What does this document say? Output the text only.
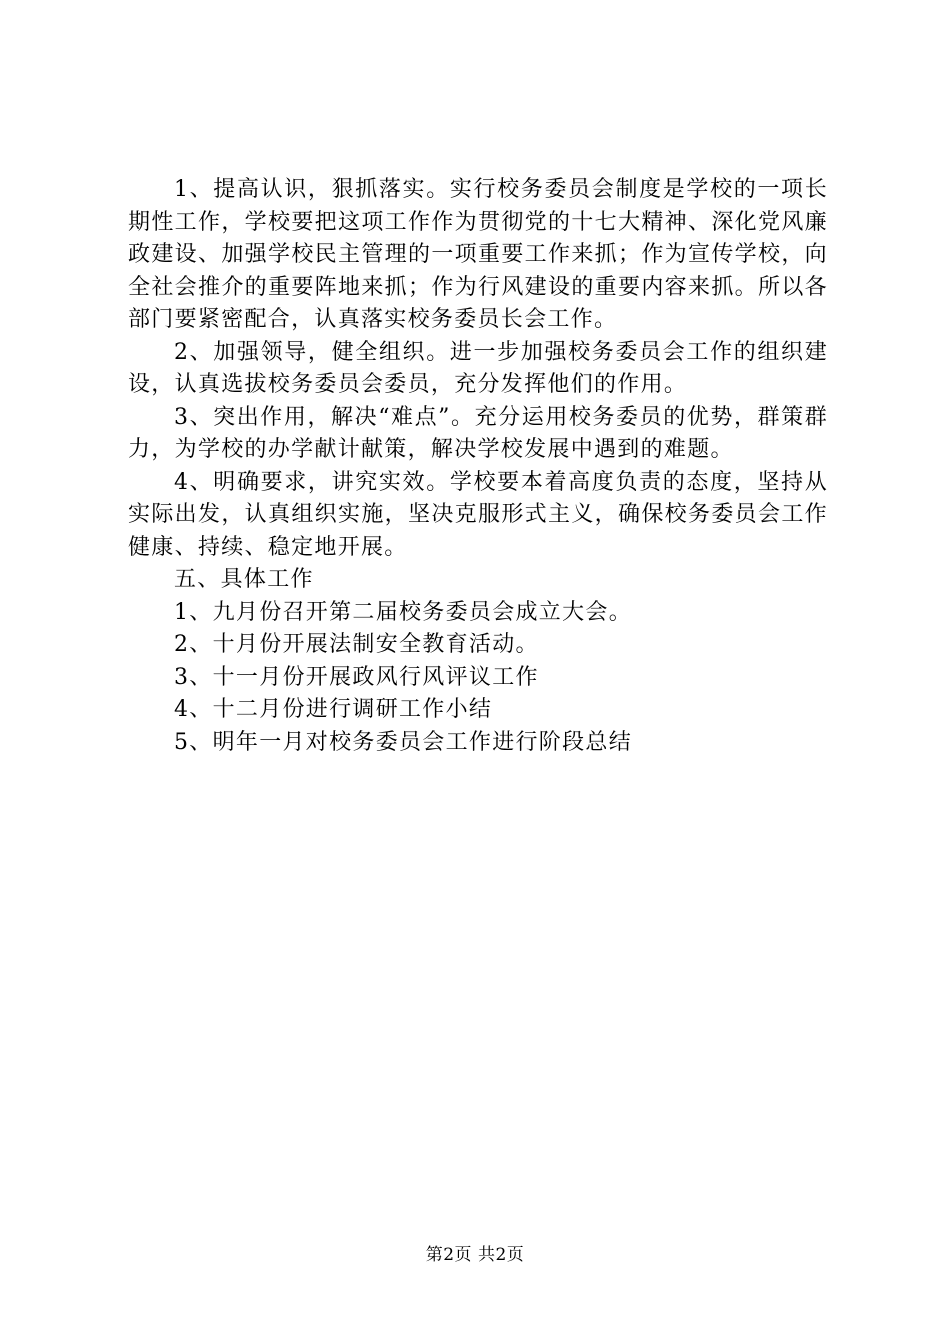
1、提高认识，狠抓落实。实行校务委员会制度是学校的一项长期性工作，学校要把这项工作作为贯彻党的十七大精神、深化党风廉政建设、加强学校民主管理的一项重要工作来抓；作为宣传学校，向全社会推介的重要阵地来抓；作为行风建设的重要内容来抓。所以各部门要紧密配合，认真落实校务委员长会工作。

2、加强领导，健全组织。进一步加强校务委员会工作的组织建设，认真选拔校务委员会委员，充分发挥他们的作用。

3、突出作用，解决“难点”。充分运用校务委员的优势，群策群力，为学校的办学献计献策，解决学校发展中遇到的难题。

4、明确要求，讲究实效。学校要本着高度负责的态度，坚持从实际出发，认真组织实施，坚决克服形式主义，确保校务委员会工作健康、持续、稳定地开展。

五、具体工作

1、九月份召开第二届校务委员会成立大会。

2、十月份开展法制安全教育活动。

3、十一月份开展政风行风评议工作

4、十二月份进行调研工作小结

5、明年一月对校务委员会工作进行阶段总结

第2页 共2页
